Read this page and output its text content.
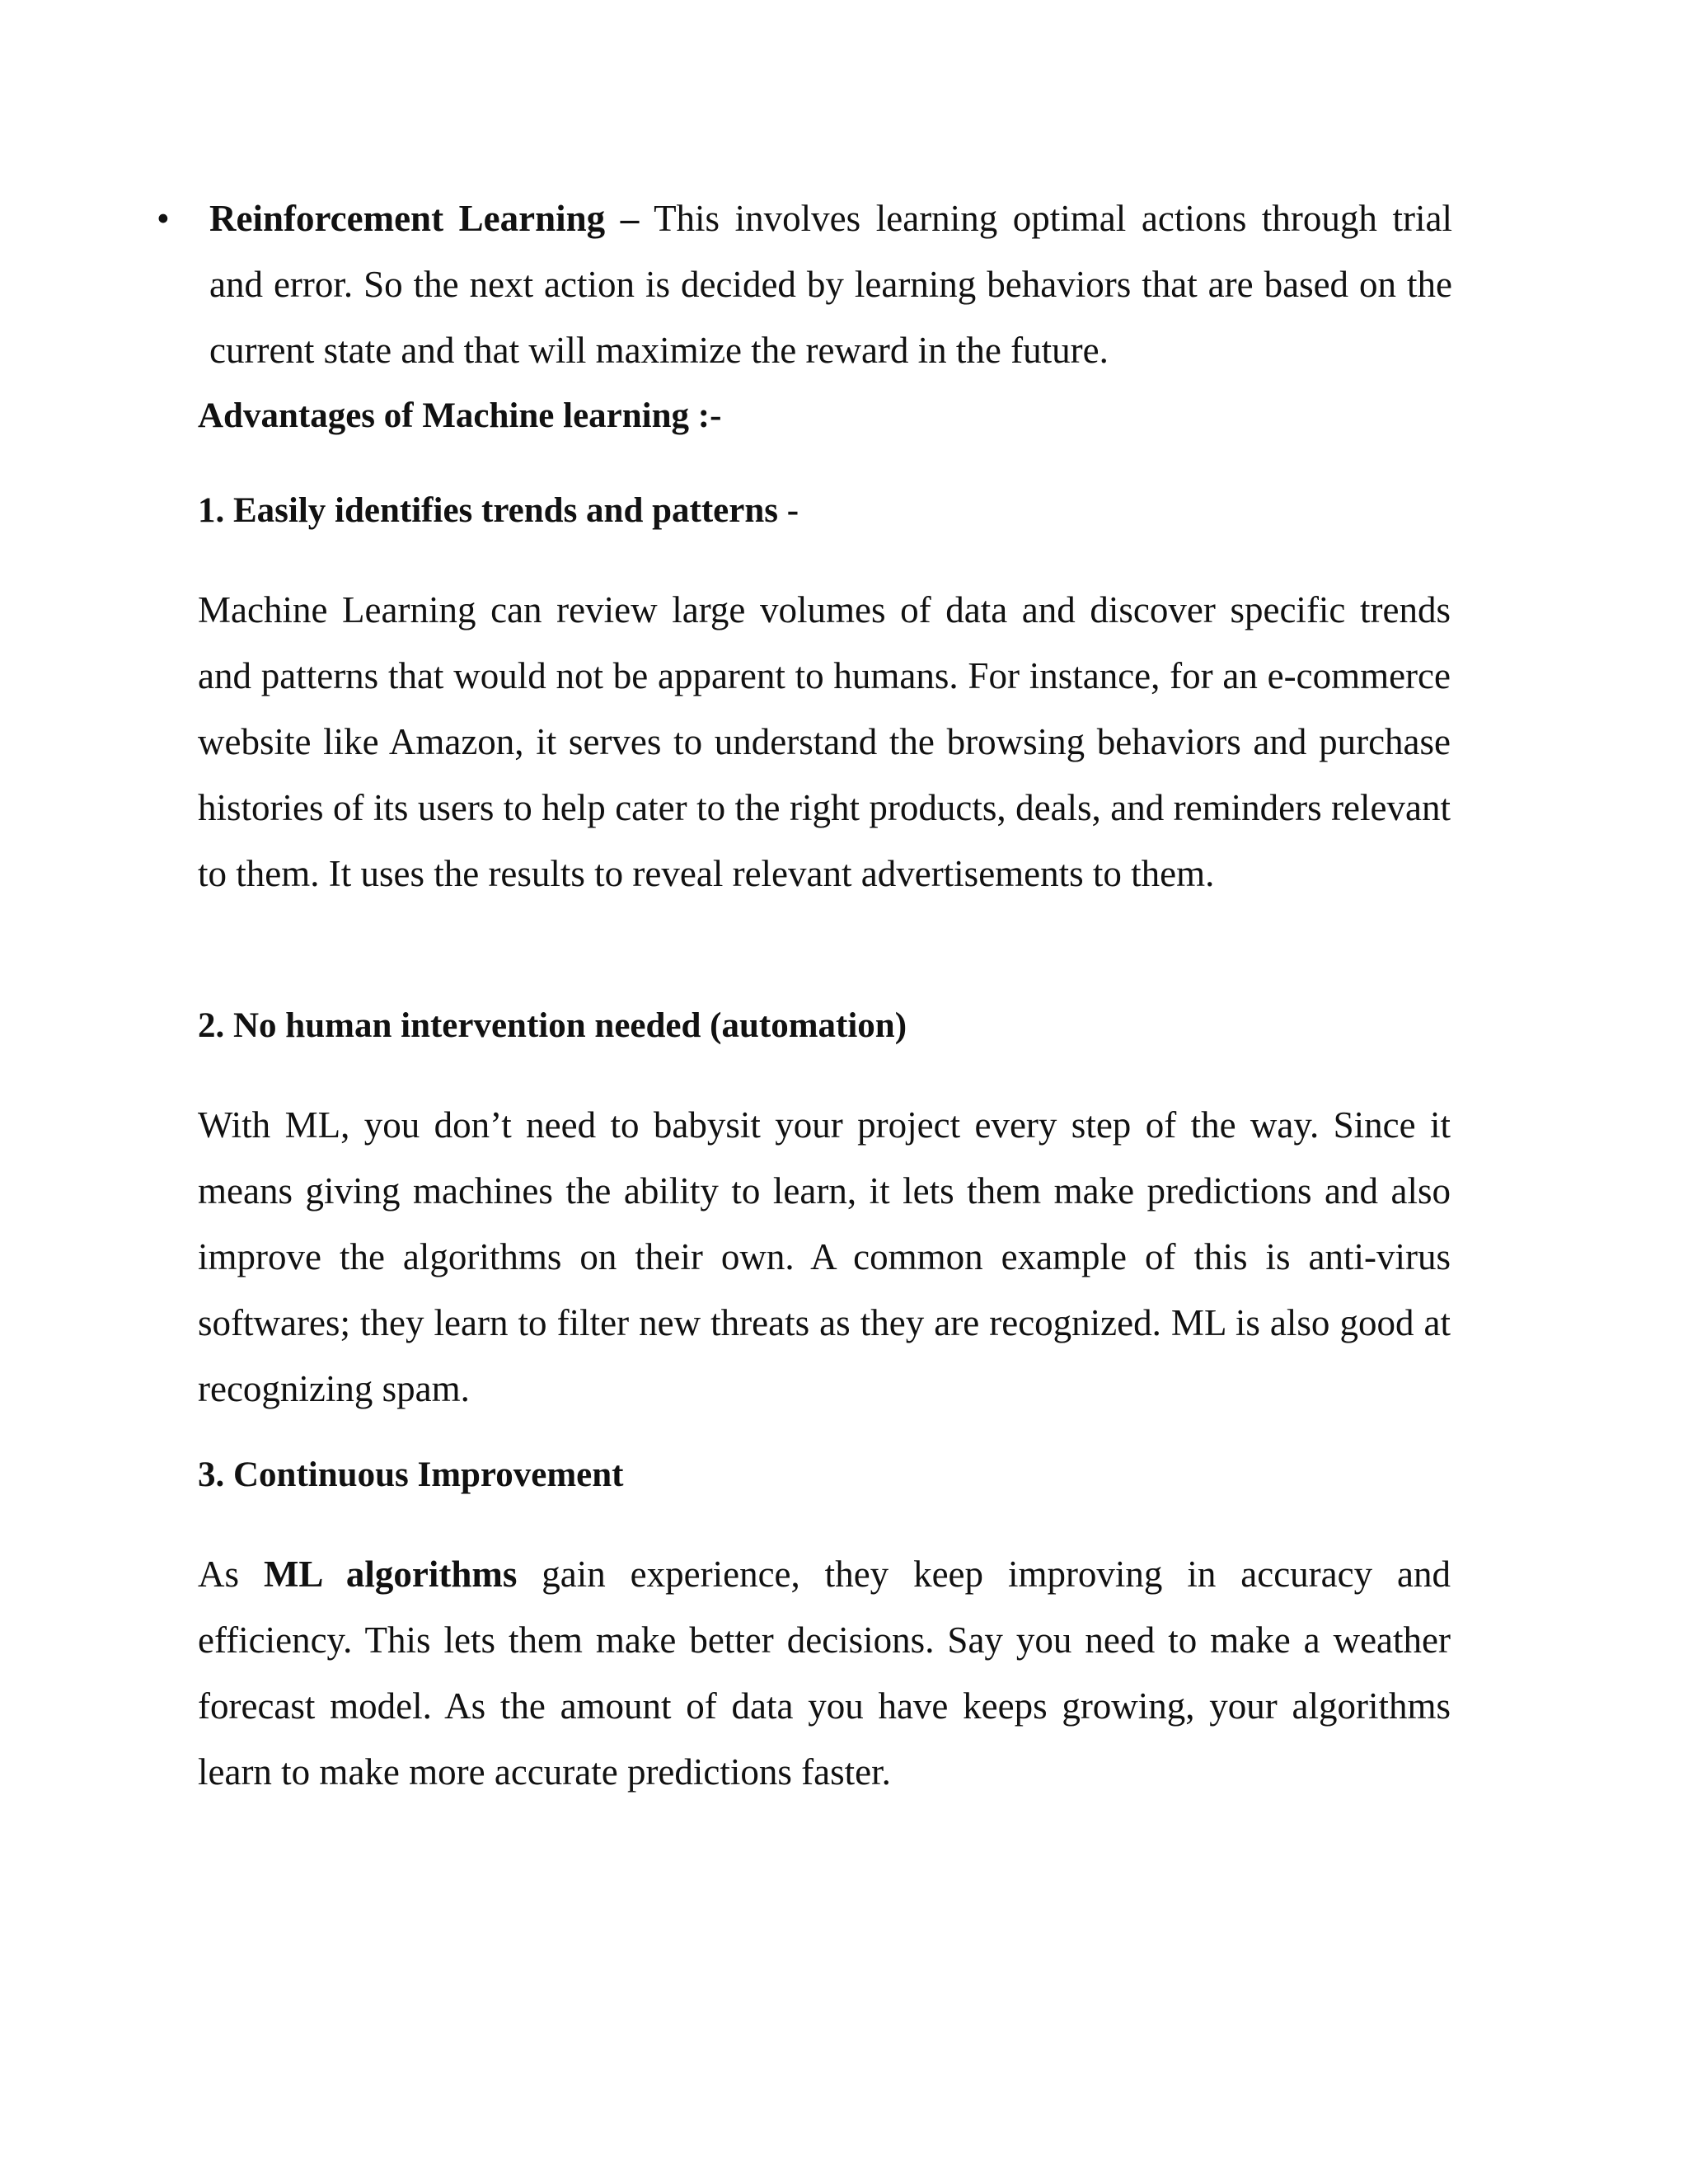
• Reinforcement Learning – This involves learning optimal actions through trial and error. So the next action is decided by learning behaviors that are based on the current state and that will maximize the reward in the future.

Advantages of Machine learning :-
1. Easily identifies trends and patterns -

Machine Learning can review large volumes of data and discover specific trends and patterns that would not be apparent to humans. For instance, for an e-commerce website like Amazon, it serves to understand the browsing behaviors and purchase histories of its users to help cater to the right products, deals, and reminders relevant to them. It uses the results to reveal relevant advertisements to them.

2. No human intervention needed (automation)

With ML, you don’t need to babysit your project every step of the way. Since it means giving machines the ability to learn, it lets them make predictions and also improve the algorithms on their own. A common example of this is anti-virus softwares; they learn to filter new threats as they are recognized. ML is also good at recognizing spam.

3. Continuous Improvement

As ML algorithms gain experience, they keep improving in accuracy and efficiency. This lets them make better decisions. Say you need to make a weather forecast model. As the amount of data you have keeps growing, your algorithms learn to make more accurate predictions faster.
